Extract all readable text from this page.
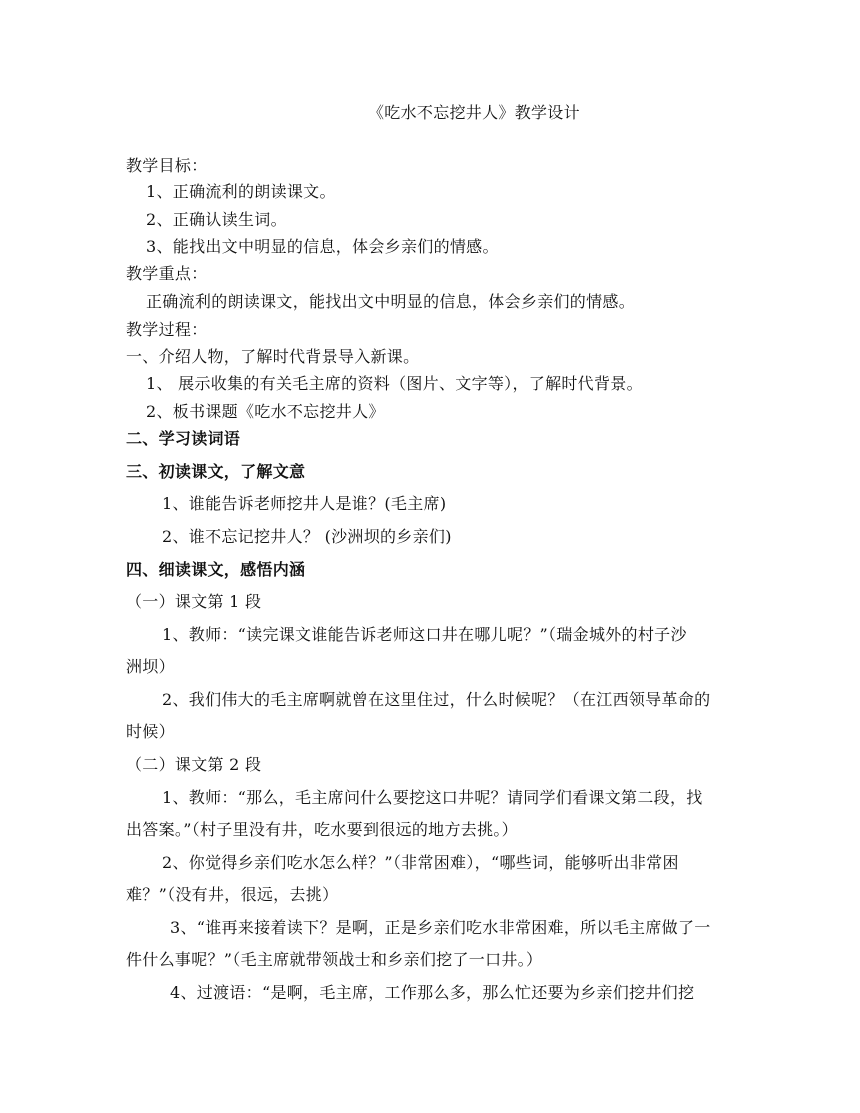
《吃水不忘挖井人》教学设计
教学目标：
1、正确流利的朗读课文。
2、正确认读生词。
3、能找出文中明显的信息，体会乡亲们的情感。
教学重点：
正确流利的朗读课文，能找出文中明显的信息，体会乡亲们的情感。
教学过程：
一、介绍人物，了解时代背景导入新课。
1、 展示收集的有关毛主席的资料（图片、文字等），了解时代背景。
2、板书课题《吃水不忘挖井人》
二、学习读词语
三、初读课文，了解文意
1、谁能告诉老师挖井人是谁？(毛主席)
2、谁不忘记挖井人？ (沙洲坝的乡亲们)
四、细读课文，感悟内涵
（一）课文第 1 段
1、教师：“读完课文谁能告诉老师这口井在哪儿呢？”（瑞金城外的村子沙
洲坝）
2、我们伟大的毛主席啊就曾在这里住过，什么时候呢？（在江西领导革命的
时候）
（二）课文第 2 段
1、教师：“那么，毛主席问什么要挖这口井呢？请同学们看课文第二段，找
出答案。”（村子里没有井，吃水要到很远的地方去挑。）
2、你觉得乡亲们吃水怎么样？”（非常困难），“哪些词，能够听出非常困
难？”（没有井，很远，去挑）
3、“谁再来接着读下？是啊，正是乡亲们吃水非常困难，所以毛主席做了一
件什么事呢？”（毛主席就带领战士和乡亲们挖了一口井。）
4、过渡语：“是啊，毛主席，工作那么多，那么忙还要为乡亲们挖井们挖
